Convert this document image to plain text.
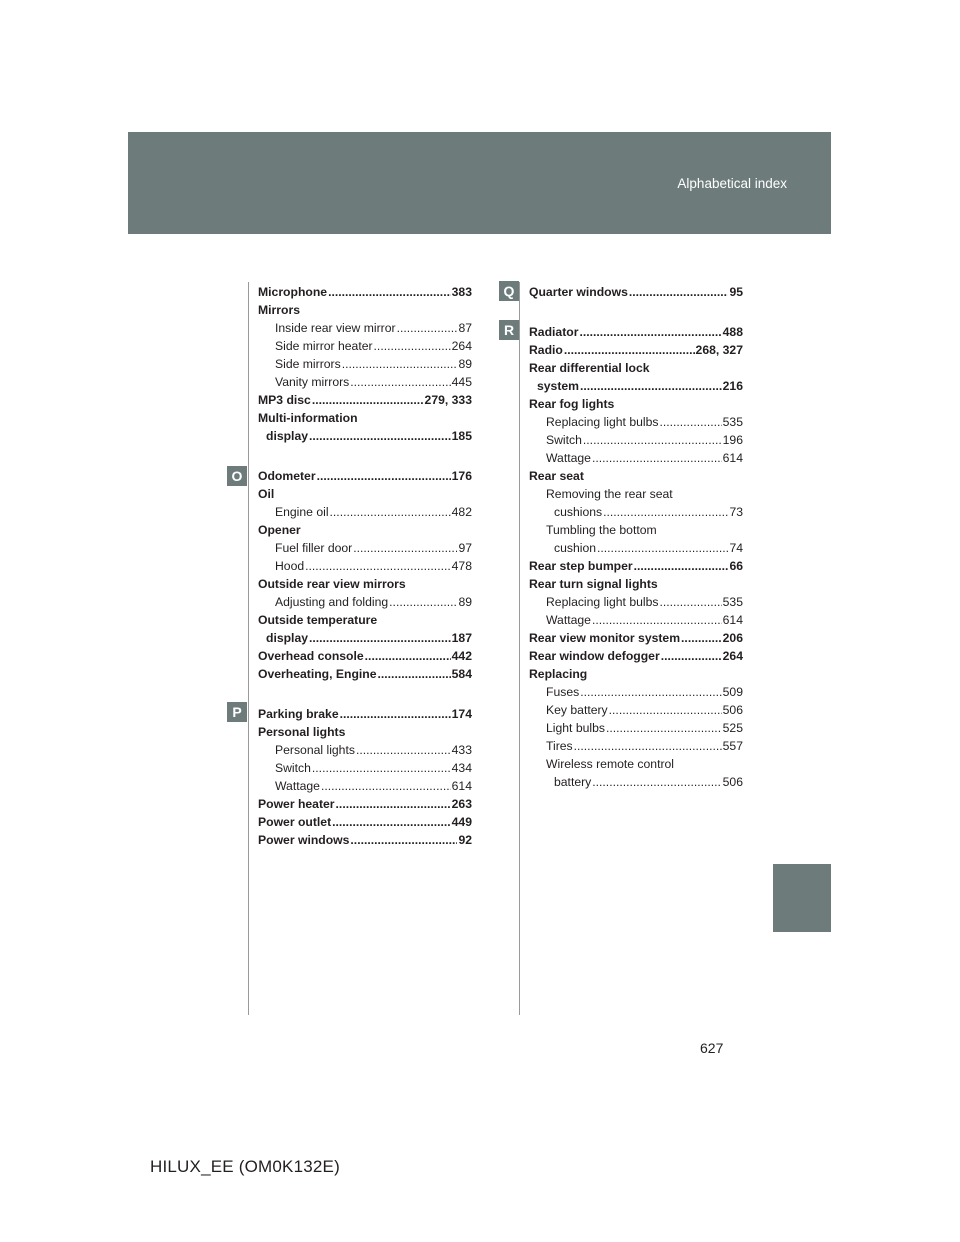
Alphabetical index
O
P
Q
R
Microphone .....	383
Mirrors
Inside rear view mirror .....	87
Side mirror heater .....	264
Side mirrors .....	89
Vanity mirrors .....	445
MP3 disc .....	279, 333
Multi-information
display .....	185
Odometer .....	176
Oil
Engine oil .....	482
Opener
Fuel filler door .....	97
Hood .....	478
Outside rear view mirrors
Adjusting and folding .....	89
Outside temperature
display .....	187
Overhead console .....	442
Overheating, Engine .....	584
Parking brake .....	174
Personal lights
Personal lights .....	433
Switch .....	434
Wattage .....	614
Power heater .....	263
Power outlet .....	449
Power windows .....	92
Quarter windows .....	95
Radiator .....	488
Radio .....	268, 327
Rear differential lock
system .....	216
Rear fog lights
Replacing light bulbs .....	535
Switch .....	196
Wattage .....	614
Rear seat
Removing the rear seat
cushions .....	73
Tumbling the bottom
cushion .....	74
Rear step bumper .....	66
Rear turn signal lights
Replacing light bulbs .....	535
Wattage .....	614
Rear view monitor system .....	206
Rear window defogger .....	264
Replacing
Fuses .....	509
Key battery .....	506
Light bulbs .....	525
Tires .....	557
Wireless remote control
battery .....	506
627
HILUX_EE (OM0K132E)
